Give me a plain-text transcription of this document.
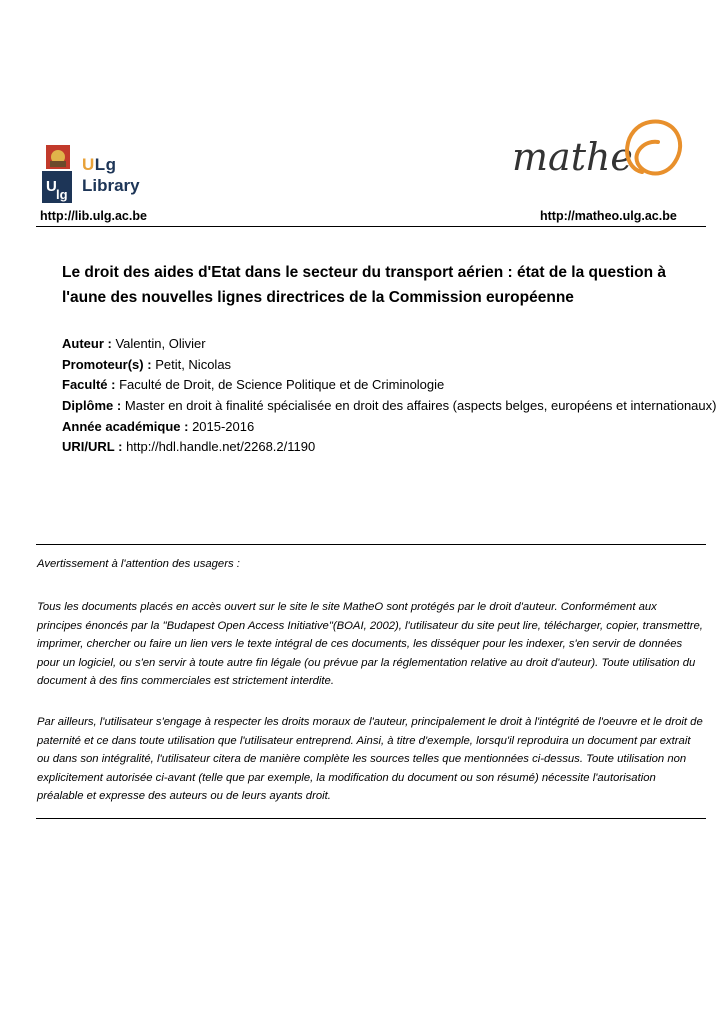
U lg
ULg
Library
mathe
http://lib.ulg.ac.be	http://matheo.ulg.ac.be
Le droit des aides d'Etat dans le secteur du transport aérien : état de la question à l'aune des nouvelles lignes directrices de la Commission européenne
Auteur : Valentin, Olivier
Promoteur(s) : Petit, Nicolas
Faculté : Faculté de Droit, de Science Politique et de Criminologie
Diplôme : Master en droit à finalité spécialisée en droit des affaires (aspects belges, européens et internationaux)
Année académique : 2015-2016
URI/URL : http://hdl.handle.net/2268.2/1190
Avertissement à l'attention des usagers :
Tous les documents placés en accès ouvert sur le site le site MatheO sont protégés par le droit d'auteur. Conformément aux principes énoncés par la "Budapest Open Access Initiative"(BOAI, 2002), l'utilisateur du site peut lire, télécharger, copier, transmettre, imprimer, chercher ou faire un lien vers le texte intégral de ces documents, les disséquer pour les indexer, s'en servir de données pour un logiciel, ou s'en servir à toute autre fin légale (ou prévue par la réglementation relative au droit d'auteur). Toute utilisation du document à des fins commerciales est strictement interdite.
Par ailleurs, l'utilisateur s'engage à respecter les droits moraux de l'auteur, principalement le droit à l'intégrité de l'oeuvre et le droit de paternité et ce dans toute utilisation que l'utilisateur entreprend. Ainsi, à titre d'exemple, lorsqu'il reproduira un document par extrait ou dans son intégralité, l'utilisateur citera de manière complète les sources telles que mentionnées ci-dessus. Toute utilisation non explicitement autorisée ci-avant (telle que par exemple, la modification du document ou son résumé) nécessite l'autorisation préalable et expresse des auteurs ou de leurs ayants droit.
